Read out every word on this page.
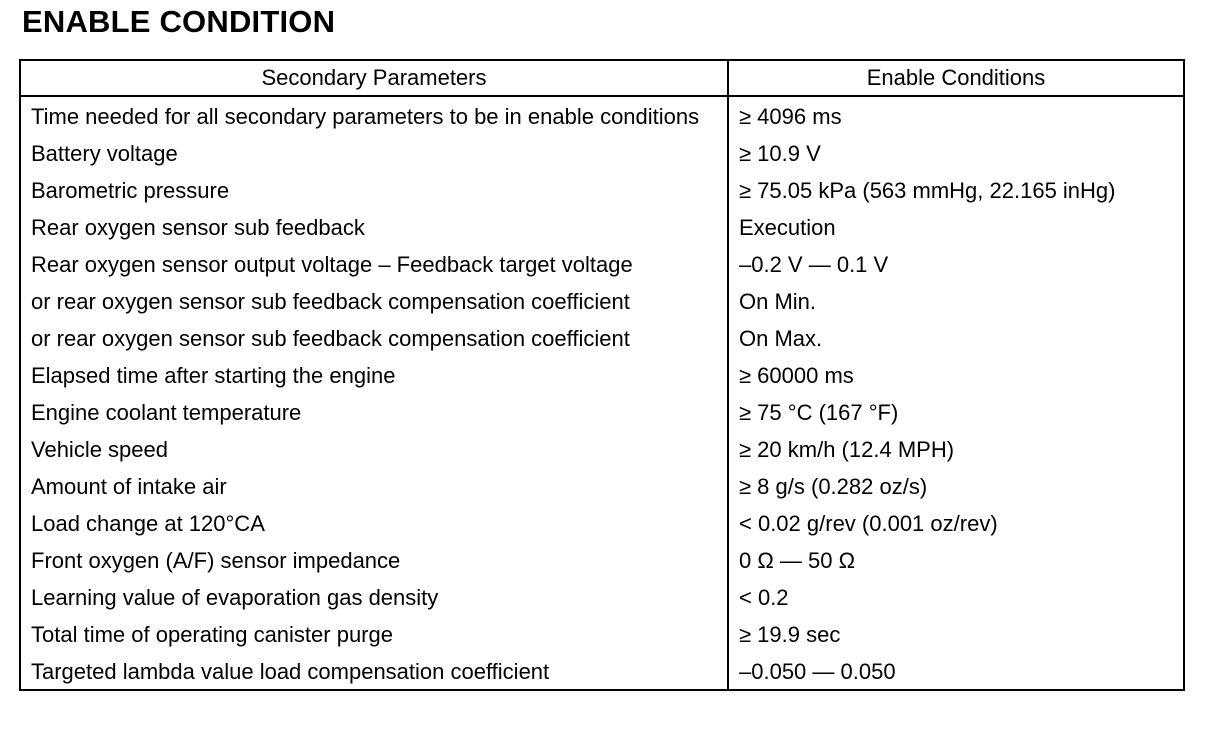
ENABLE CONDITION
Secondary Parameters	Enable Conditions
Time needed for all secondary parameters to be in enable conditions	≥ 4096 ms
Battery voltage	≥ 10.9 V
Barometric pressure	≥ 75.05 kPa (563 mmHg, 22.165 inHg)
Rear oxygen sensor sub feedback	Execution
Rear oxygen sensor output voltage – Feedback target voltage	–0.2 V — 0.1 V
or rear oxygen sensor sub feedback compensation coefficient	On Min.
or rear oxygen sensor sub feedback compensation coefficient	On Max.
Elapsed time after starting the engine	≥ 60000 ms
Engine coolant temperature	≥ 75 °C (167 °F)
Vehicle speed	≥ 20 km/h (12.4 MPH)
Amount of intake air	≥ 8 g/s (0.282 oz/s)
Load change at 120°CA	< 0.02 g/rev (0.001 oz/rev)
Front oxygen (A/F) sensor impedance	0 Ω — 50 Ω
Learning value of evaporation gas density	< 0.2
Total time of operating canister purge	≥ 19.9 sec
Targeted lambda value load compensation coefficient	–0.050 — 0.050
